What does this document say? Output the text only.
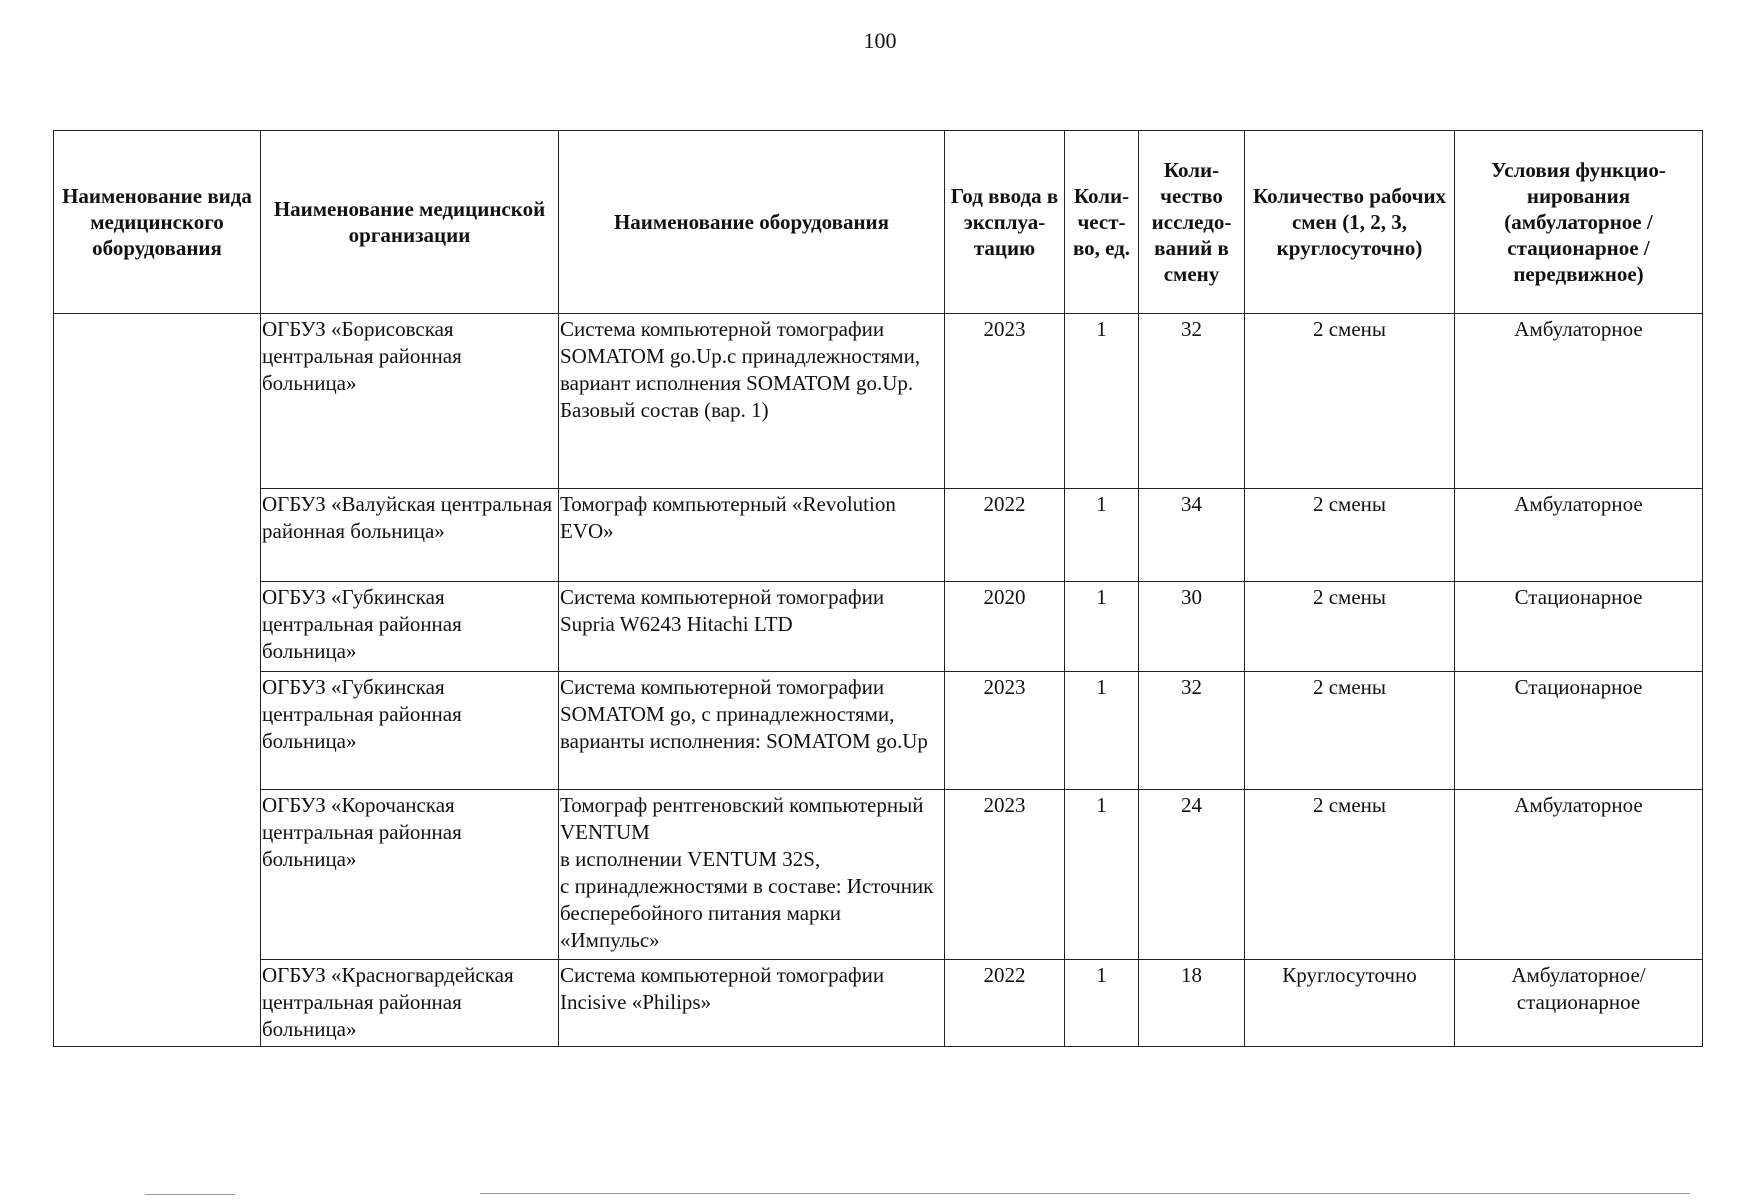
100
Наименование вида медицинского оборудования	Наименование медицинской организации	Наименование оборудования	Год ввода в эксплуа-тацию	Коли-чест-во, ед.	Коли-чество исследо-ваний в смену	Количество рабочих смен (1, 2, 3, круглосуточно)	Условия функцио-нирования (амбулаторное / стационарное / передвижное)
	ОГБУЗ «Борисовская центральная районная больница»	Система компьютерной томографии SOMATOM go.Up.c принадлежностями, вариант исполнения SOMATOM go.Up. Базовый состав (вар. 1)	2023	1	32	2 смены	Амбулаторное
	ОГБУЗ «Валуйская центральная районная больница»	Томограф компьютерный «Revolution EVO»	2022	1	34	2 смены	Амбулаторное
	ОГБУЗ «Губкинская центральная районная больница»	Система компьютерной томографии Supria W6243 Hitachi LTD	2020	1	30	2 смены	Стационарное
	ОГБУЗ «Губкинская центральная районная больница»	Система компьютерной томографии SOMATOM go, с принадлежностями, варианты исполнения: SOMATOM go.Up	2023	1	32	2 смены	Стационарное
	ОГБУЗ «Корочанская центральная районная больница»	Томограф рентгеновский компьютерный VENTUM
в исполнении VENTUM 32S,
с принадлежностями в составе: Источник бесперебойного питания марки «Импульс»	2023	1	24	2 смены	Амбулаторное
	ОГБУЗ «Красногвардейская центральная районная больница»	Система компьютерной томографии Incisive «Philips»	2022	1	18	Круглосуточно	Амбулаторное/ стационарное
